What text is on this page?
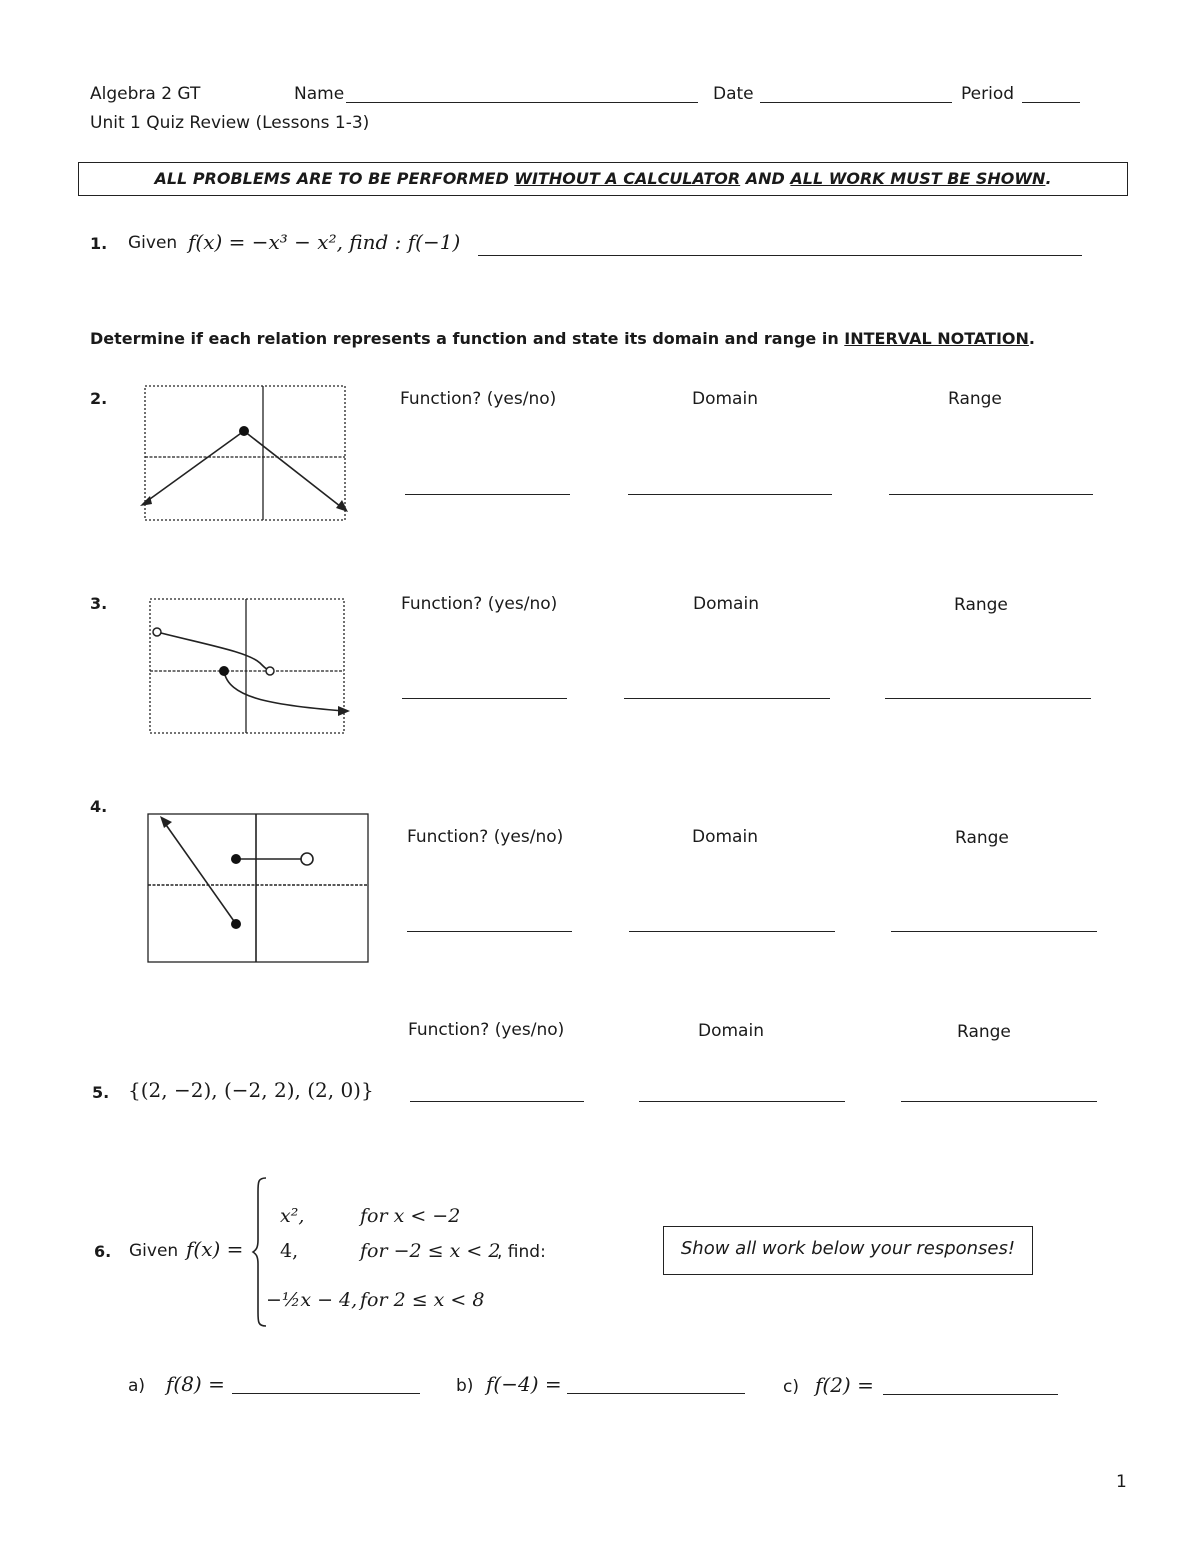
Algebra 2 GT	Name	Date	Period
Unit 1 Quiz Review (Lessons 1-3)
ALL PROBLEMS ARE TO BE PERFORMED WITHOUT A CALCULATOR AND ALL WORK MUST BE SHOWN.
1. Given f(x) = −x³ − x², find : f(−1)
Determine if each relation represents a function and state its domain and range in INTERVAL NOTATION.
2.	Function? (yes/no)	Domain	Range
3.	Function? (yes/no)	Domain	Range
4.
Function? (yes/no)	Domain	Range
Function? (yes/no)	Domain	Range
5. {(2, −2), (−2, 2), (2, 0)}
6. Given f(x) =
x²,	for x < −2
4,	for −2 ≤ x < 2
, find:
−½x − 4, for 2 ≤ x < 8
Show all work below your responses!
a) f(8) =	b) f(−4) =	c) f(2) =
1
